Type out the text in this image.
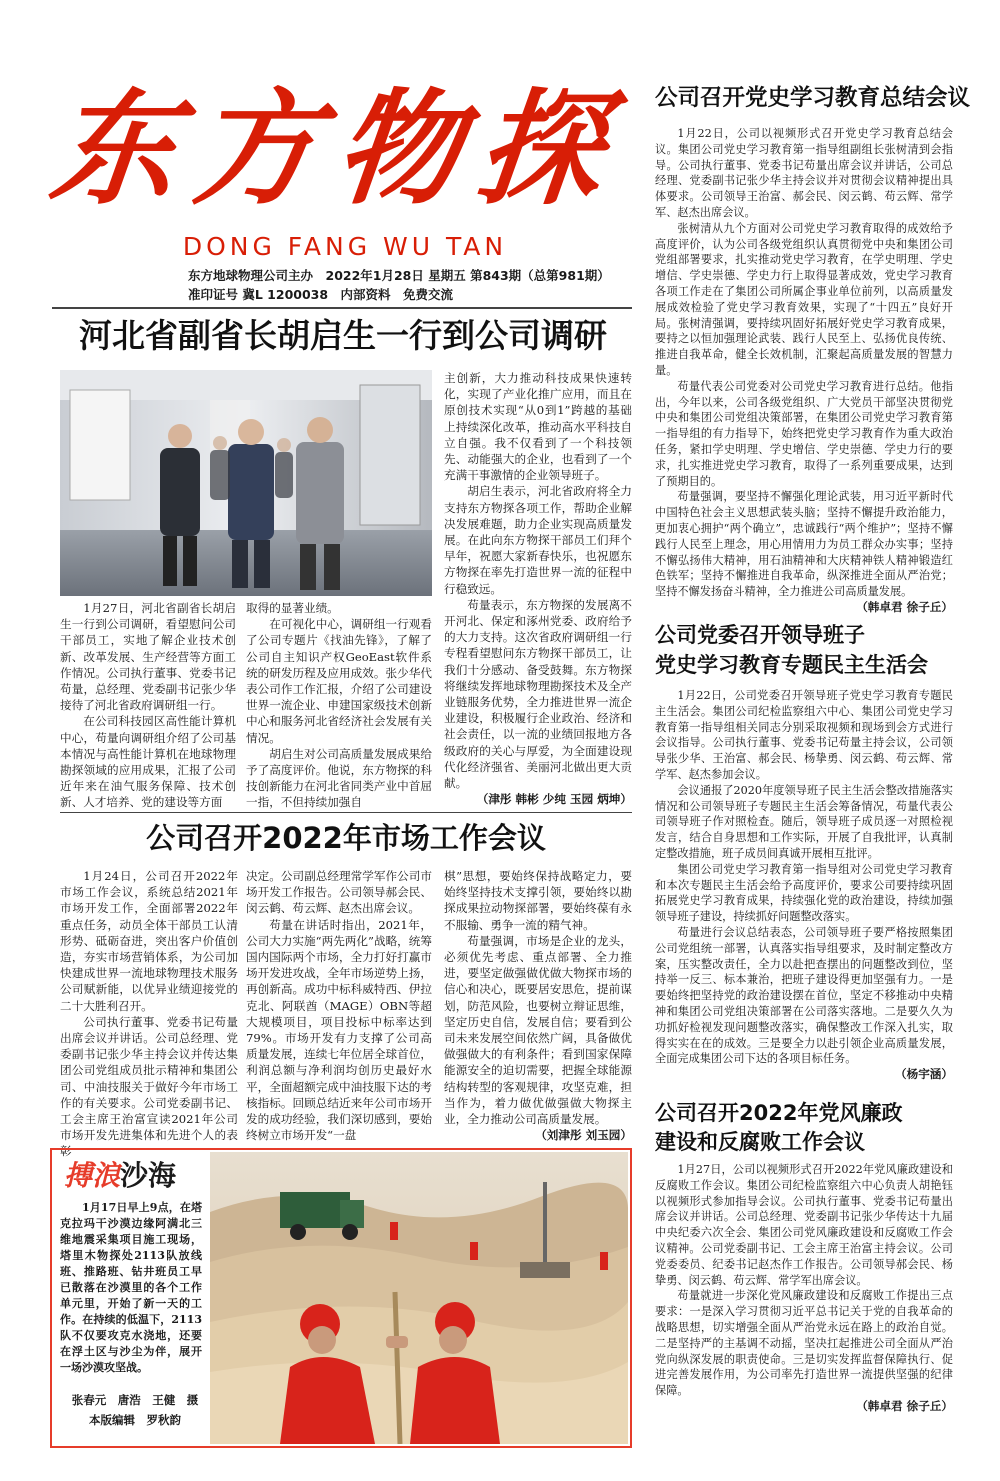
东方物探
DONG FANG WU TAN
东方地球物理公司主办　2022年1月28日 星期五 第843期（总第981期）
准印证号 冀L 1200038　内部资料　免费交流
河北省副省长胡启生一行到公司调研

1月27日，河北省副省长胡启生一行到公司调研，看望慰问公司干部员工，实地了解企业技术创新、改革发展、生产经营等方面工作情况。公司执行董事、党委书记苟量，总经理、党委副书记张少华接待了河北省政府调研组一行。

在公司科技园区高性能计算机中心，苟量向调研组介绍了公司基本情况与高性能计算机在地球物理勘探领域的应用成果，汇报了公司近年来在油气服务保障、技术创新、人才培养、党的建设等方面

取得的显著业绩。

在可视化中心，调研组一行观看了公司专题片《找油先锋》，了解了公司自主知识产权GeoEast软件系统的研发历程及应用成效。张少华代表公司作工作汇报，介绍了公司建设世界一流企业、申建国家级技术创新中心和服务河北省经济社会发展有关情况。

胡启生对公司高质量发展成果给予了高度评价。他说，东方物探的科技创新能力在河北省同类产业中首屈一指，不但持续加强自

主创新，大力推动科技成果快速转化，实现了产业化推广应用，而且在原创技术实现“从0到1”跨越的基础上持续深化改革，推动高水平科技自立自强。我不仅看到了一个科技领先、动能强大的企业，也看到了一个充满干事激情的企业领导班子。

胡启生表示，河北省政府将全力支持东方物探各项工作，帮助企业解决发展难题，助力企业实现高质量发展。在此向东方物探干部员工们拜个早年，祝愿大家新春快乐，也祝愿东方物探在率先打造世界一流的征程中行稳致远。

苟量表示，东方物探的发展离不开河北、保定和涿州党委、政府给予的大力支持。这次省政府调研组一行专程看望慰问东方物探干部员工，让我们十分感动、备受鼓舞。东方物探将继续发挥地球物理勘探技术及全产业链服务优势，全力推进世界一流企业建设，积极履行企业政治、经济和社会责任，以一流的业绩回报地方各级政府的关心与厚爱，为全面建设现代化经济强省、美丽河北做出更大贡献。

（津彤 韩彬 少纯 玉园 炳坤）
公司召开2022年市场工作会议

1月24日，公司召开2022年市场工作会议，系统总结2021年市场开发工作，全面部署2022年重点任务，动员全体干部员工认清形势、砥砺奋进，突出客户价值创造，夯实市场营销体系，为公司加快建成世界一流地球物理技术服务公司赋新能，以优异业绩迎接党的二十大胜利召开。

公司执行董事、党委书记苟量出席会议并讲话。公司总经理、党委副书记张少华主持会议并传达集团公司党组成员批示精神和集团公司、中油技服关于做好今年市场工作的有关要求。公司党委副书记、工会主席王治富宣读2021年公司市场开发先进集体和先进个人的表彰

决定。公司副总经理常学军作公司市场开发工作报告。公司领导郝会民、闵云鹤、苟云辉、赵杰出席会议。

苟量在讲话时指出，2021年，公司大力实施“两先两化”战略，统筹国内国际两个市场，全力打好打赢市场开发进攻战，全年市场逆势上扬，再创新高。成功中标科威特西、伊拉克北、阿联酋（MAGE）OBN等超大规模项目，项目投标中标率达到79%。市场开发有力支撑了公司高质量发展，连续七年位居全球首位，利润总额与净利润均创历史最好水平，全面超额完成中油技服下达的考核指标。回顾总结近来年公司市场开发的成功经验，我们深切感到，要始终树立市场开发“一盘

棋”思想，要始终保持战略定力，要始终坚持技术支撑引领，要始终以勘探成果拉动物探部署，要始终葆有永不服输、勇争一流的精气神。

苟量强调，市场是企业的龙头，必须优先考虑、重点部署、全力推进，要坚定做强做优做大物探市场的信心和决心，既要居安思危，提前谋划，防范风险，也要树立辩证思维，坚定历史自信，发展自信；要看到公司未来发展空间依然广阔，具备做优做强做大的有利条件；看到国家保障能源安全的迫切需要，把握全球能源结构转型的客观规律，攻坚克难，担当作为，着力做优做强做大物探主业，全力推动公司高质量发展。

（刘津彤 刘玉园）
搏浪沙海

1月17日早上9点，在塔克拉玛干沙漠边缘阿满北三维地震采集项目施工现场，塔里木物探处2113队放线班、推路班、钻井班员工早已散落在沙漠里的各个工作单元里，开始了新一天的工作。在持续的低温下，2113队不仅要攻克水浇地，还要在浮土区与沙尘为伴，展开一场沙漠攻坚战。

张春元　唐浩　王健　摄
本版编辑　罗秋韵
公司召开党史学习教育总结会议

1月22日，公司以视频形式召开党史学习教育总结会议。集团公司党史学习教育第一指导组副组长张树清到会指导。公司执行董事、党委书记苟量出席会议并讲话，公司总经理、党委副书记张少华主持会议并对贯彻会议精神提出具体要求。公司领导王治富、郝会民、闵云鹤、苟云辉、常学军、赵杰出席会议。

张树清从九个方面对公司党史学习教育取得的成效给予高度评价，认为公司各级党组织认真贯彻党中央和集团公司党组部署要求，扎实推动党史学习教育，在学史明理、学史增信、学史崇德、学史力行上取得显著成效，党史学习教育各项工作走在了集团公司所属企事业单位前列，以高质量发展成效检验了党史学习教育效果，实现了“十四五”良好开局。张树清强调，要持续巩固好拓展好党史学习教育成果，要持之以恒加强理论武装、践行人民至上、弘扬优良传统、推进自我革命，健全长效机制，汇聚起高质量发展的智慧力量。

苟量代表公司党委对公司党史学习教育进行总结。他指出，今年以来，公司各级党组织、广大党员干部坚决贯彻党中央和集团公司党组决策部署，在集团公司党史学习教育第一指导组的有力指导下，始终把党史学习教育作为重大政治任务，紧扣学史明理、学史增信、学史崇德、学史力行的要求，扎实推进党史学习教育，取得了一系列重要成果，达到了预期目的。

苟量强调，要坚持不懈强化理论武装，用习近平新时代中国特色社会主义思想武装头脑；坚持不懈提升政治能力，更加衷心拥护“两个确立”，忠诚践行“两个维护”；坚持不懈践行人民至上理念，用心用情用力为员工群众办实事；坚持不懈弘扬伟大精神，用石油精神和大庆精神铁人精神锻造红色铁军；坚持不懈推进自我革命，纵深推进全面从严治党；坚持不懈发扬奋斗精神，全力推进公司高质量发展。

（韩卓君 徐子丘）
公司党委召开领导班子
党史学习教育专题民主生活会

1月22日，公司党委召开领导班子党史学习教育专题民主生活会。集团公司纪检监察组六中心、集团公司党史学习教育第一指导组相关同志分别采取视频和现场到会方式进行会议指导。公司执行董事、党委书记苟量主持会议，公司领导张少华、王治富、郝会民、杨挚勇、闵云鹤、苟云辉、常学军、赵杰参加会议。

会议通报了2020年度领导班子民主生活会整改措施落实情况和公司领导班子专题民主生活会筹备情况，苟量代表公司领导班子作对照检查。随后，领导班子成员逐一对照检视发言，结合自身思想和工作实际，开展了自我批评，认真制定整改措施，班子成员间真诚开展相互批评。

集团公司党史学习教育第一指导组对公司党史学习教育和本次专题民主生活会给予高度评价，要求公司要持续巩固拓展党史学习教育成果，持续强化党的政治建设，持续加强领导班子建设，持续抓好问题整改落实。

苟量进行会议总结表态，公司领导班子要严格按照集团公司党组统一部署，认真落实指导组要求，及时制定整改方案，压实整改责任，全力以赴把查摆出的问题整改到位，坚持举一反三、标本兼治，把班子建设得更加坚强有力。一是要始终把坚持党的政治建设摆在首位，坚定不移推动中央精神和集团公司党组决策部署在公司落实落地。二是要久久为功抓好检视发现问题整改落实，确保整改工作深入扎实，取得实实在在的成效。三是要全力以赴引领企业高质量发展，全面完成集团公司下达的各项目标任务。

（杨宇涵）
公司召开2022年党风廉政
建设和反腐败工作会议

1月27日，公司以视频形式召开2022年党风廉政建设和反腐败工作会议。集团公司纪检监察组六中心负责人胡艳钰以视频形式参加指导会议。公司执行董事、党委书记苟量出席会议并讲话。公司总经理、党委副书记张少华传达十九届中央纪委六次全会、集团公司党风廉政建设和反腐败工作会议精神。公司党委副书记、工会主席王治富主持会议。公司党委委员、纪委书记赵杰作工作报告。公司领导郝会民、杨挚勇、闵云鹤、苟云辉、常学军出席会议。

苟量就进一步深化党风廉政建设和反腐败工作提出三点要求：一是深入学习贯彻习近平总书记关于党的自我革命的战略思想，切实增强全面从严治党永远在路上的政治自觉。二是坚持严的主基调不动摇，坚决扛起推进公司全面从严治党向纵深发展的职责使命。三是切实发挥监督保障执行、促进完善发展作用，为公司率先打造世界一流提供坚强的纪律保障。

（韩卓君 徐子丘）
